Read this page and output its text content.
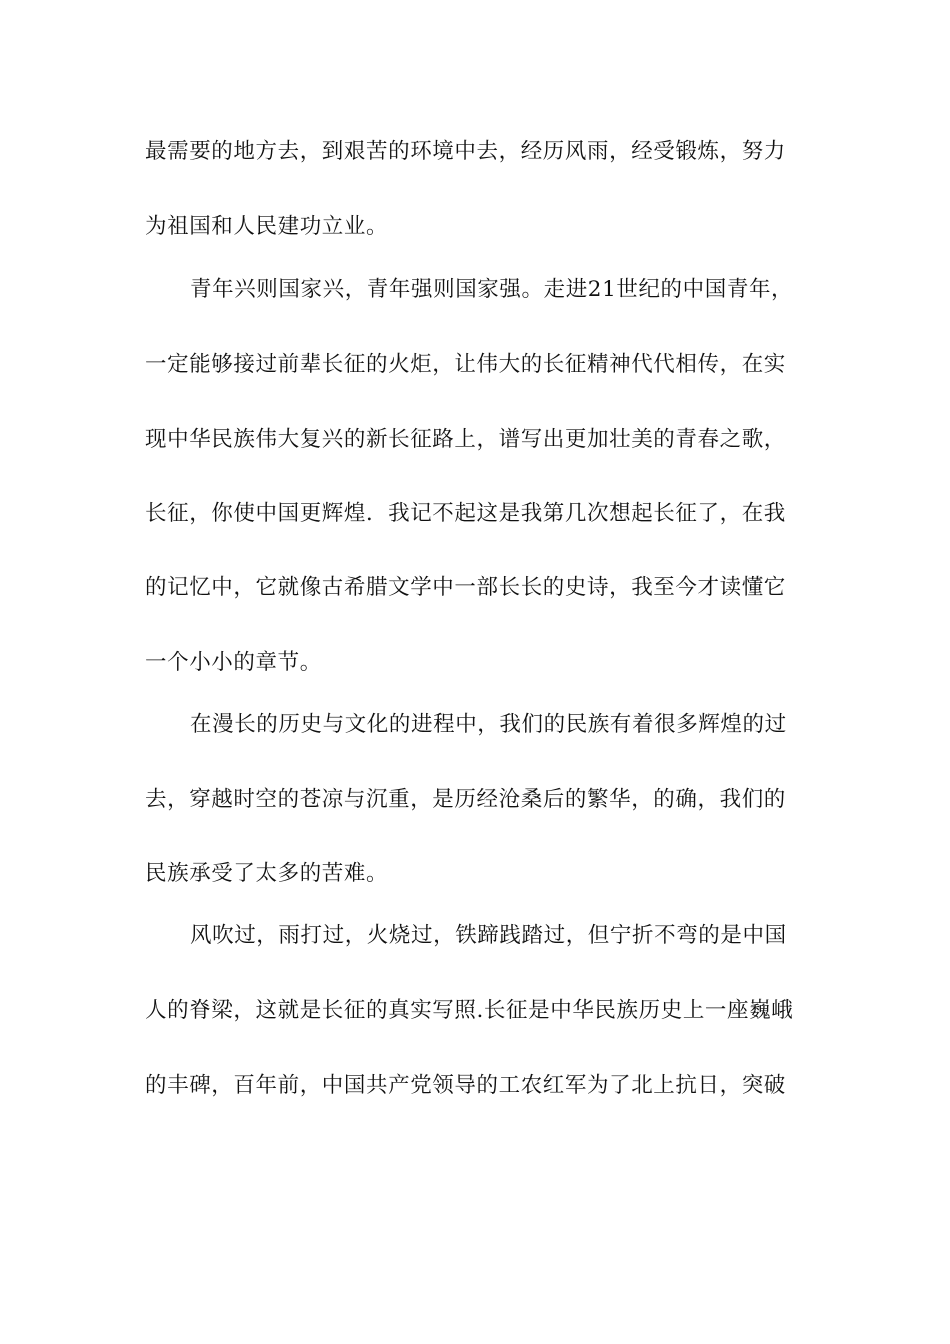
最需要的地方去，到艰苦的环境中去，经历风雨，经受锻炼，努力
为祖国和人民建功立业。
青年兴则国家兴，青年强则国家强。走进21世纪的中国青年，
一定能够接过前辈长征的火炬，让伟大的长征精神代代相传，在实
现中华民族伟大复兴的新长征路上，谱写出更加壮美的青春之歌，
长征，你使中国更辉煌．我记不起这是我第几次想起长征了，在我
的记忆中，它就像古希腊文学中一部长长的史诗，我至今才读懂它
一个小小的章节。
在漫长的历史与文化的进程中，我们的民族有着很多辉煌的过
去，穿越时空的苍凉与沉重，是历经沧桑后的繁华，的确，我们的
民族承受了太多的苦难。
风吹过，雨打过，火烧过，铁蹄践踏过，但宁折不弯的是中国
人的脊梁，这就是长征的真实写照.长征是中华民族历史上一座巍峨
的丰碑，百年前，中国共产党领导的工农红军为了北上抗日，突破
